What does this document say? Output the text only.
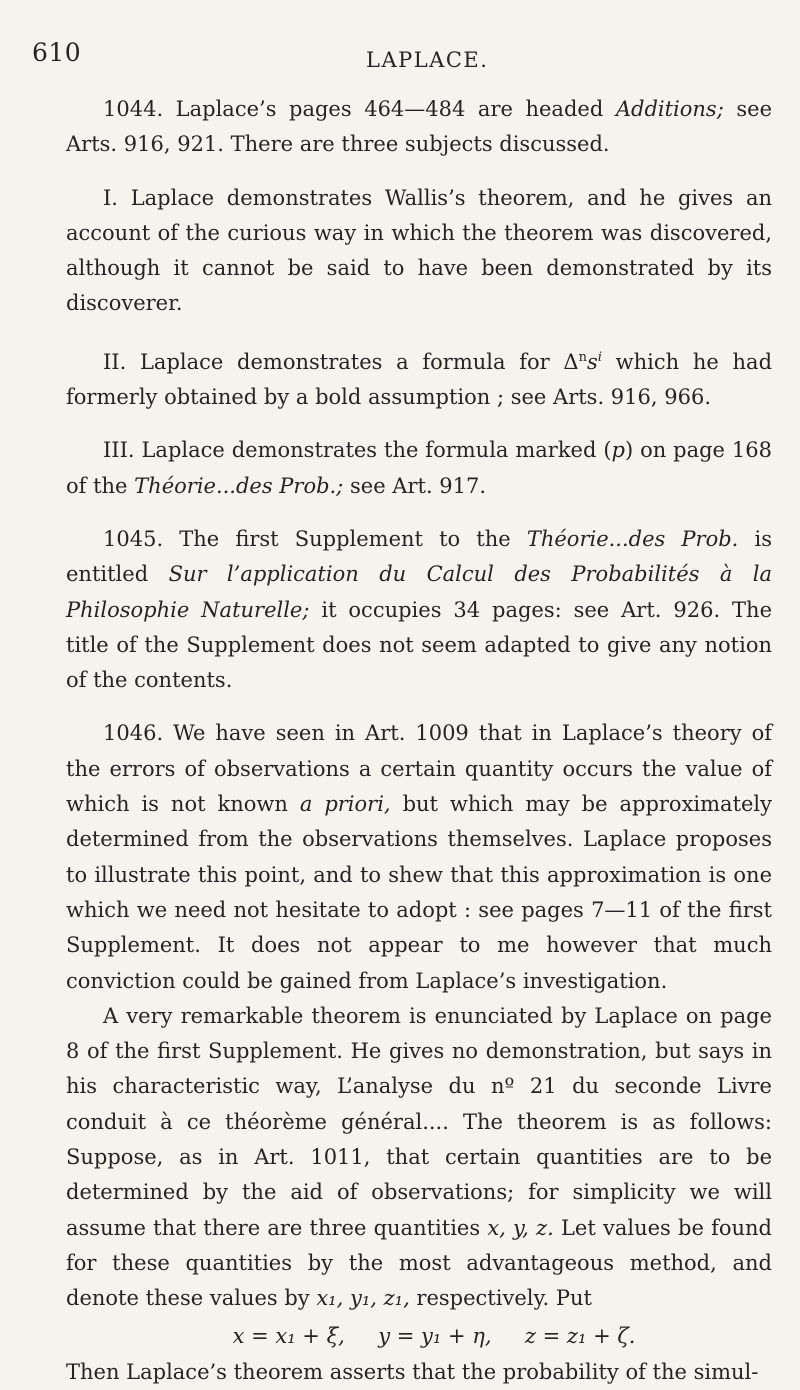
610	LAPLACE.

1044. Laplace’s pages 464—484 are headed Additions; see Arts. 916, 921. There are three subjects discussed.

I. Laplace demonstrates Wallis’s theorem, and he gives an account of the curious way in which the theorem was discovered, although it cannot be said to have been demonstrated by its discoverer.

II. Laplace demonstrates a formula for $\Delta^ns^i$ which he had formerly obtained by a bold assumption ; see Arts. 916, 966.

III. Laplace demonstrates the formula marked (p) on page 168 of the Théorie...des Prob.; see Art. 917.

1045. The first Supplement to the Théorie...des Prob. is entitled Sur l’application du Calcul des Probabilités à la Philosophie Naturelle; it occupies 34 pages: see Art. 926. The title of the Supplement does not seem adapted to give any notion of the contents.

1046. We have seen in Art. 1009 that in Laplace’s theory of the errors of observations a certain quantity occurs the value of which is not known a priori, but which may be approximately determined from the observations themselves. Laplace proposes to illustrate this point, and to shew that this approximation is one which we need not hesitate to adopt : see pages 7—11 of the first Supplement. It does not appear to me however that much conviction could be gained from Laplace’s investigation.

A very remarkable theorem is enunciated by Laplace on page 8 of the first Supplement. He gives no demonstration, but says in his characteristic way, L’analyse du nº 21 du seconde Livre conduit à ce théorème général.... The theorem is as follows: Suppose, as in Art. 1011, that certain quantities are to be determined by the aid of observations; for simplicity we will assume that there are three quantities x, y, z. Let values be found for these quantities by the most advantageous method, and denote these values by x₁, y₁, z₁, respectively. Put

x = x₁ + ξ, y = y₁ + η, z = z₁ + ζ.

Then Laplace’s theorem asserts that the probability of the simul-
